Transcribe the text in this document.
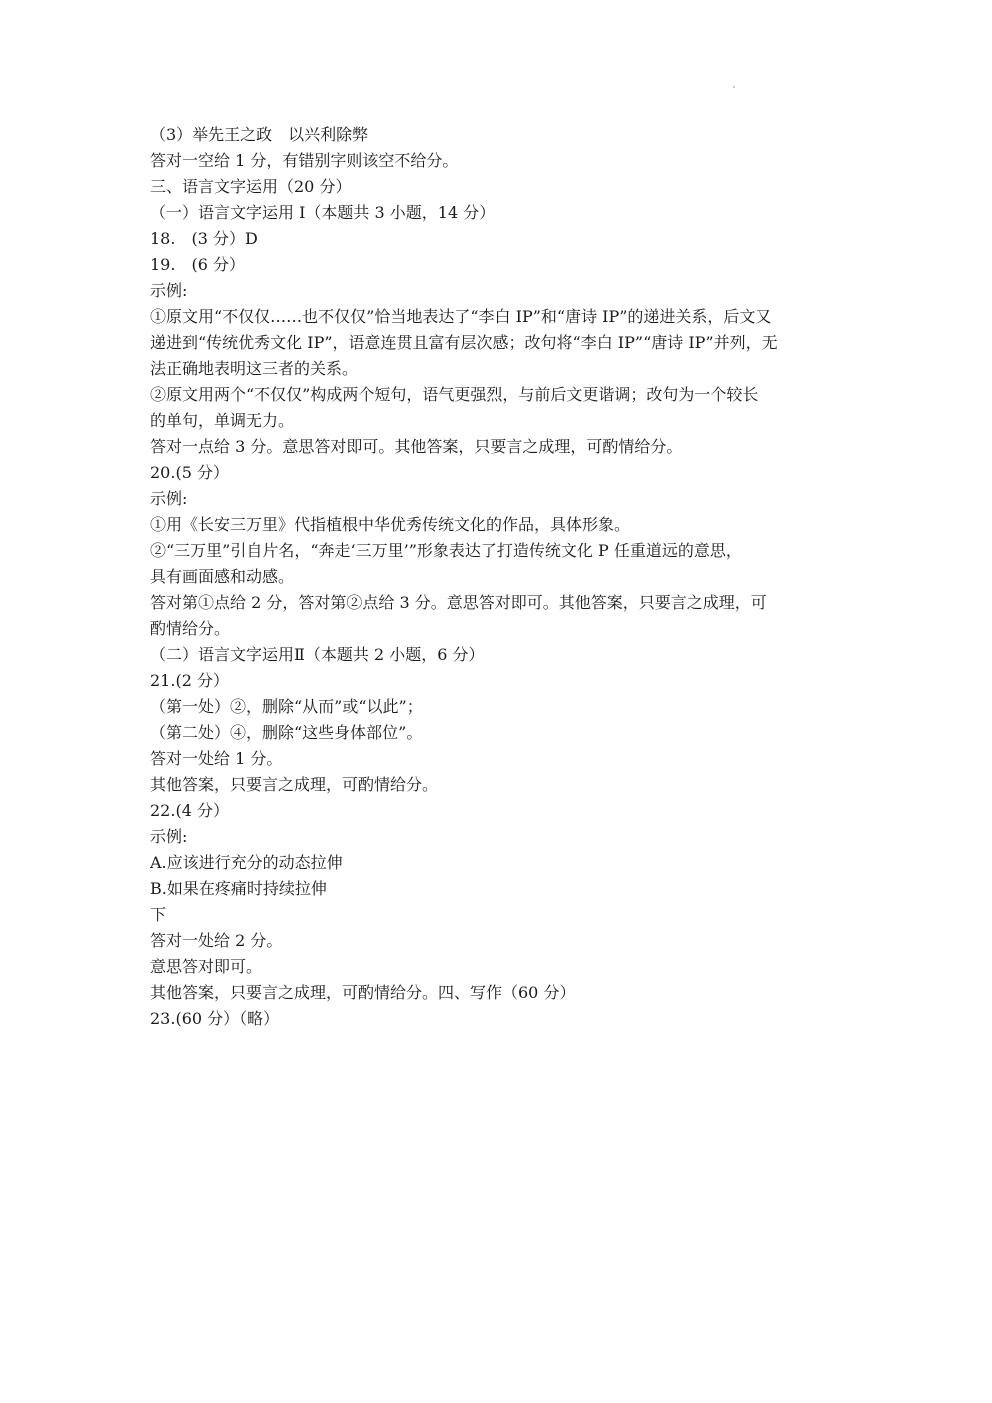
（3）举先王之政　以兴利除弊
答对一空给 1 分，有错别字则该空不给分。
三、语言文字运用（20 分）
（一）语言文字运用 I（本题共 3 小题，14 分）
18.　(3 分）D
19.　(6 分）
示例:
①原文用“不仅仅……也不仅仅”恰当地表达了“李白 IP”和“唐诗 IP”的递进关系，后文又
递进到“传统优秀文化 IP”，语意连贯且富有层次感；改句将“李白 IP”“唐诗 IP”并列，无
法正确地表明这三者的关系。
②原文用两个“不仅仅”构成两个短句，语气更强烈，与前后文更谐调；改句为一个较长
的单句，单调无力。
答对一点给 3 分。意思答对即可。其他答案，只要言之成理，可酌情给分。
20.(5 分）
示例:
①用《长安三万里》代指植根中华优秀传统文化的作品，具体形象。
②“三万里”引自片名，“奔走‘三万里’”形象表达了打造传统文化 P 任重道远的意思，
具有画面感和动感。
答对第①点给 2 分，答对第②点给 3 分。意思答对即可。其他答案，只要言之成理，可
酌情给分。
（二）语言文字运用Ⅱ（本题共 2 小题，6 分）
21.(2 分）
（第一处）②，删除“从而”或“以此”；
（第二处）④，删除“这些身体部位”。
答对一处给 1 分。
其他答案，只要言之成理，可酌情给分。
22.(4 分）
示例:
A.应该进行充分的动态拉伸
B.如果在疼痛时持续拉伸
下
答对一处给 2 分。
意思答对即可。
其他答案，只要言之成理，可酌情给分。四、写作（60 分）
23.(60 分）（略）
